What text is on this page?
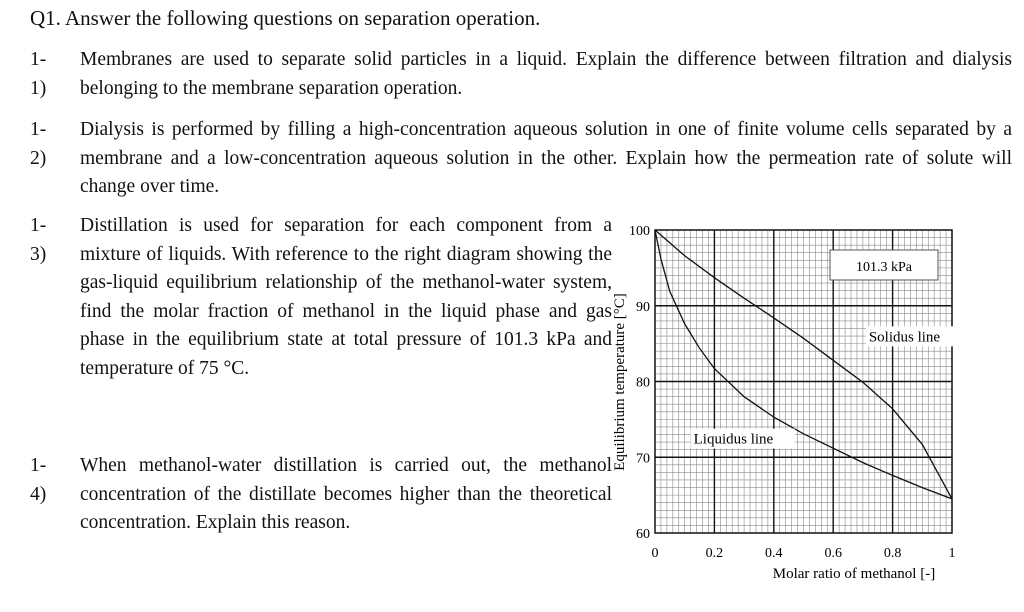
Q1. Answer the following questions on separation operation.
1-1)
Membranes are used to separate solid particles in a liquid. Explain the difference between filtration and dialysis belonging to the membrane separation operation.
1-2)
Dialysis is performed by filling a high-concentration aqueous solution in one of finite volume cells separated by a membrane and a low-concentration aqueous solution in the other. Explain how the permeation rate of solute will change over time.
1-3)
Distillation is used for separation for each component from a mixture of liquids. With reference to the right diagram showing the gas-liquid equilibrium relationship of the methanol-water system, find the molar fraction of methanol in the liquid phase and gas phase in the equilibrium state at total pressure of 101.3 kPa and temperature of 75 °C.
1-4)
When methanol-water distillation is carried out, the methanol concentration of the distillate becomes higher than the theoretical concentration. Explain this reason.
0	0.2	0.4	0.6	0.8	1
60
70
80
90
100
101.3 kPa
Solidus line
Liquidus line
Molar ratio of methanol [-]
Equilibrium temperature [°C]
